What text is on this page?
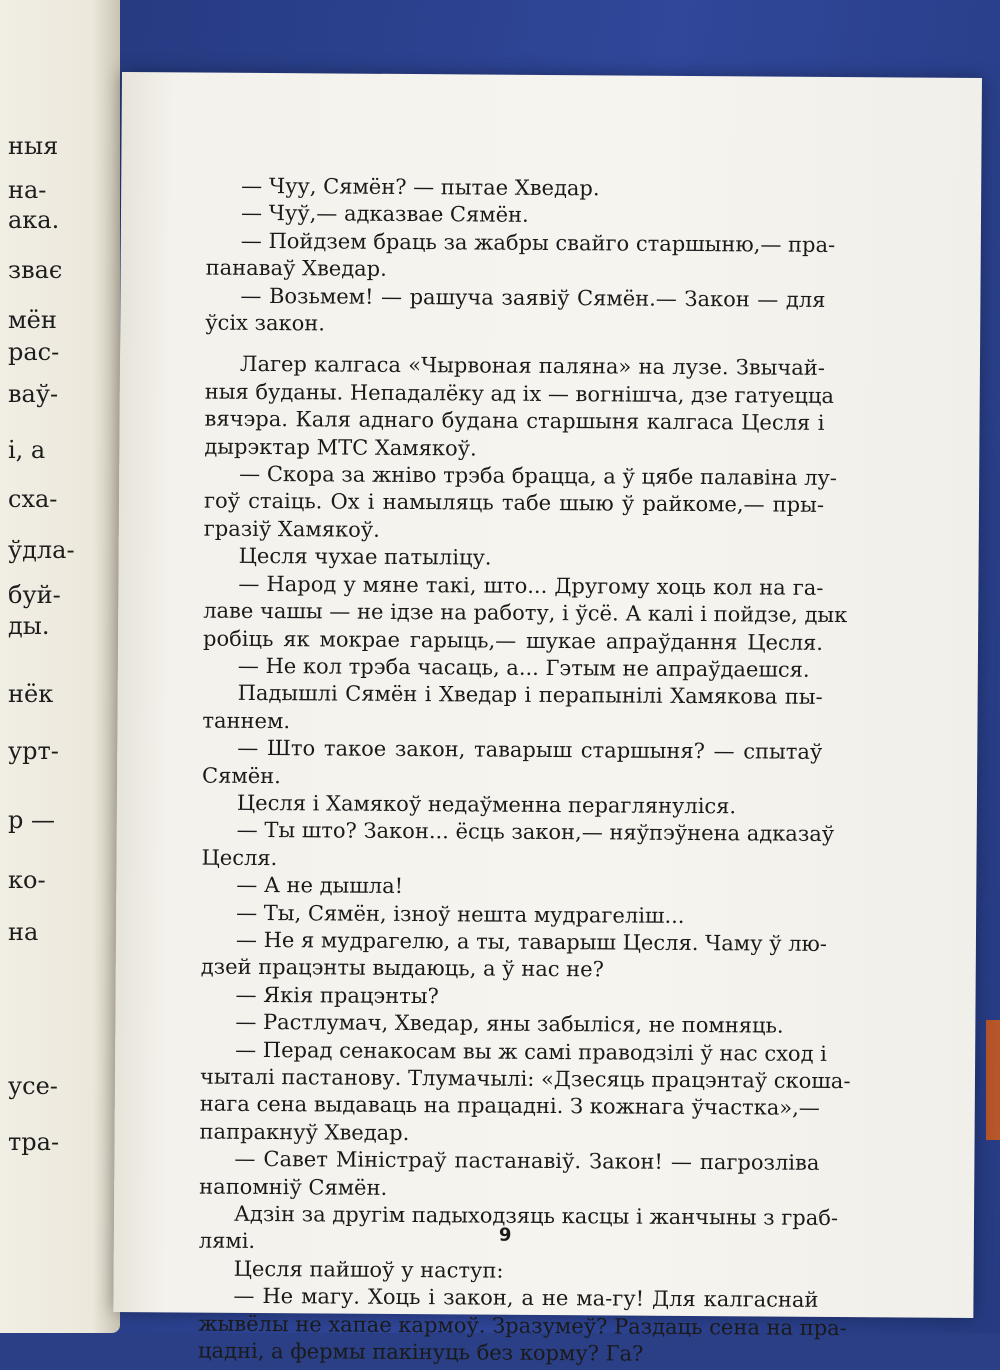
ныя
на-
ака.
зває
мён
рас-
ваў-
і, а
сха-
ўдла-
буй-
ды.
нёк
урт-
р —
ко-
на
усе-
тра-
— Чуу, Сямён? — пытае Хведар.
— Чуў,— адказвае Сямён.
— Пойдзем браць за жабры свайго старшыню,— пра-
панаваў Хведар.
— Возьмем! — рашуча заявіў Сямён.— Закон — для
ўсіх закон.
Лагер калгаса «Чырвоная паляна» на лузе. Звычай-
ныя буданы. Непадалёку ад іх — вогнішча, дзе гатуецца
вячэра. Каля аднаго будана старшыня калгаса Цесля і
дырэктар МТС Хамякоў.
— Скора за жніво трэба брацца, а ў цябе палавіна лу-
гоў стаіць. Ох і намыляць табе шыю ў райкоме,— пры-
грaзіў Хамякоў.
Цесля чухае патыліцу.
— Народ у мяне такі, што... Другому хоць кол на га-
лаве чашы — не ідзе на работу, і ўсё. А калі і пойдзе, дык
робіць як мокрае гарыць,— шукае апраўдання Цесля.
— Не кол трэба часаць, а... Гэтым не апраўдаешся.
Падышлі Сямён і Хведар і перапынілі Хамякова пы-
таннем.
— Што такое закон, таварыш старшыня? — спытаў
Сямён.
Цесля і Хамякоў недаўменна пераглянуліся.
— Ты што? Закон... ёсць закон,— няўпэўнена адказаў
Цесля.
— А не дышла!
— Ты, Сямён, ізноў нешта мудрагеліш...
— Не я мудрагелю, а ты, таварыш Цесля. Чаму ў лю-
дзей працэнты выдаюць, а ў нас не?
— Якія працэнты?
— Растлумач, Хведар, яны забыліся, не помняць.
— Перад сенакосам вы ж самі праводзілі ў нас сход і
чыталі пастанову. Тлумачылі: «Дзесяць працэнтаў скоша-
нага сена выдаваць на працадні. З кожнага ўчастка»,—
папракнуў Хведар.
— Савет Міністраў пастанавіў. Закон! — пагрозліва
напомніў Сямён.
Адзін за другім падыходзяць касцы і жанчыны з граб-
лямі.
Цесля пайшоў у наступ:
— Не магу. Хоць і закон, а не ма-гу! Для калгаснай
жывёлы не хапае кармоў. Зразумеў? Раздаць сена на пра-
цадні, а фермы пакінуць без корму? Га?
9
